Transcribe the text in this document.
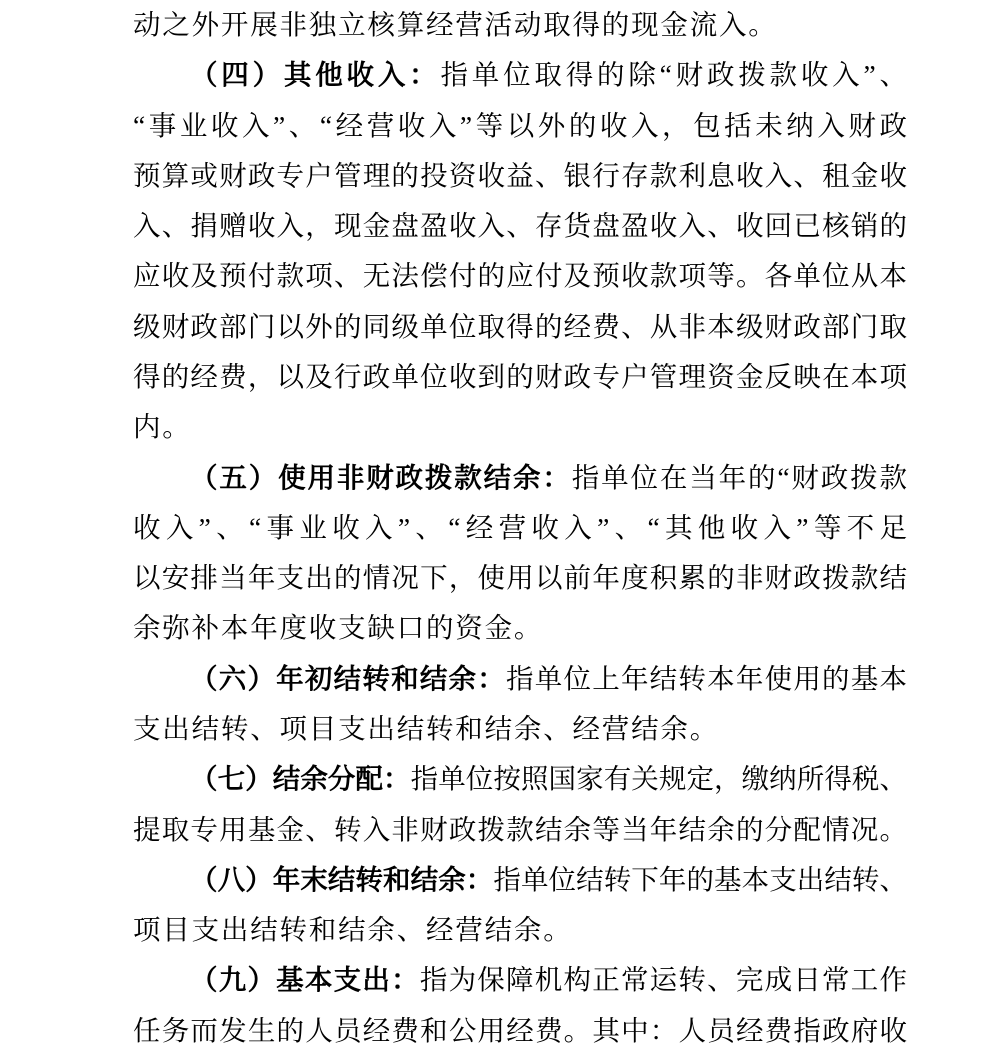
动之外开展非独立核算经营活动取得的现金流入。
（四）其他收入：指单位取得的除“财政拨款收入”、
“事业收入”、“经营收入”等以外的收入，包括未纳入财政
预算或财政专户管理的投资收益、银行存款利息收入、租金收
入、捐赠收入，现金盘盈收入、存货盘盈收入、收回已核销的
应收及预付款项、无法偿付的应付及预收款项等。各单位从本
级财政部门以外的同级单位取得的经费、从非本级财政部门取
得的经费，以及行政单位收到的财政专户管理资金反映在本项
内。
（五）使用非财政拨款结余：指单位在当年的“财政拨款
收入”、“事业收入”、“经营收入”、“其他收入”等不足
以安排当年支出的情况下，使用以前年度积累的非财政拨款结
余弥补本年度收支缺口的资金。
（六）年初结转和结余：指单位上年结转本年使用的基本
支出结转、项目支出结转和结余、经营结余。
（七）结余分配：指单位按照国家有关规定，缴纳所得税、
提取专用基金、转入非财政拨款结余等当年结余的分配情况。
（八）年末结转和结余：指单位结转下年的基本支出结转、
项目支出结转和结余、经营结余。
（九）基本支出：指为保障机构正常运转、完成日常工作
任务而发生的人员经费和公用经费。其中：人员经费指政府收
